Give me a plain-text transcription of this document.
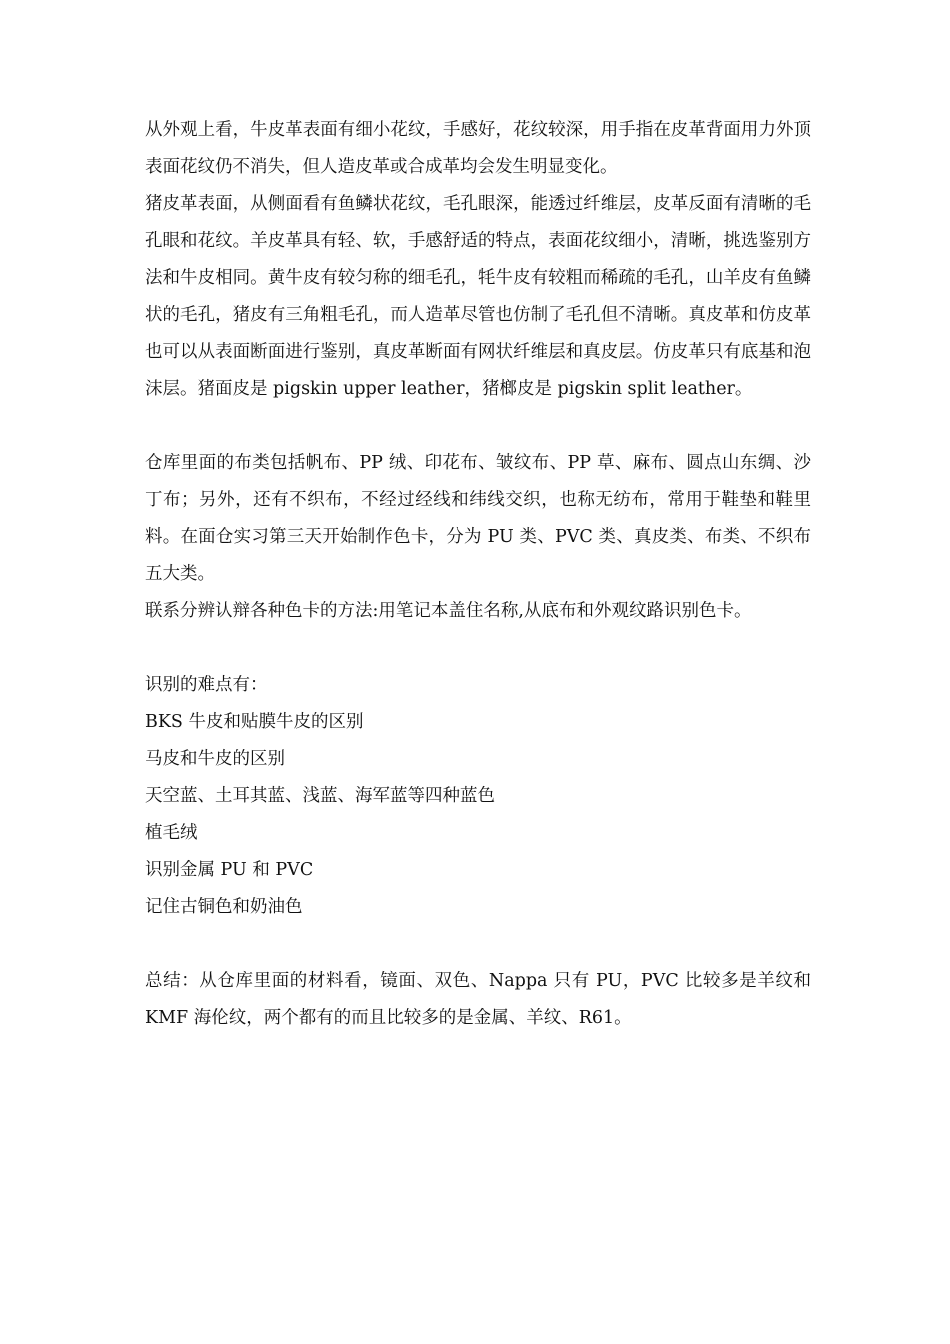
从外观上看，牛皮革表面有细小花纹，手感好，花纹较深，用手指在皮革背面用力外顶表面花纹仍不消失，但人造皮革或合成革均会发生明显变化。

猪皮革表面，从侧面看有鱼鳞状花纹，毛孔眼深，能透过纤维层，皮革反面有清晰的毛孔眼和花纹。羊皮革具有轻、软，手感舒适的特点，表面花纹细小，清晰，挑选鉴别方法和牛皮相同。黄牛皮有较匀称的细毛孔，牦牛皮有较粗而稀疏的毛孔，山羊皮有鱼鳞状的毛孔，猪皮有三角粗毛孔，而人造革尽管也仿制了毛孔但不清晰。真皮革和仿皮革也可以从表面断面进行鉴别，真皮革断面有网状纤维层和真皮层。仿皮革只有底基和泡沫层。猪面皮是 pigskin upper leather，猪榔皮是 pigskin split leather。

仓库里面的布类包括帆布、PP 绒、印花布、皱纹布、PP 草、麻布、圆点山东绸、沙丁布；另外，还有不织布，不经过经线和纬线交织，也称无纺布，常用于鞋垫和鞋里料。在面仓实习第三天开始制作色卡，分为 PU 类、PVC 类、真皮类、布类、不织布五大类。

联系分辨认辩各种色卡的方法:用笔记本盖住名称,从底布和外观纹路识别色卡。

识别的难点有：

BKS 牛皮和贴膜牛皮的区别

马皮和牛皮的区别

天空蓝、土耳其蓝、浅蓝、海军蓝等四种蓝色

植毛绒

识别金属 PU 和 PVC

记住古铜色和奶油色

总结：从仓库里面的材料看，镜面、双色、Nappa 只有 PU，PVC 比较多是羊纹和 KMF 海伦纹，两个都有的而且比较多的是金属、羊纹、R61。
